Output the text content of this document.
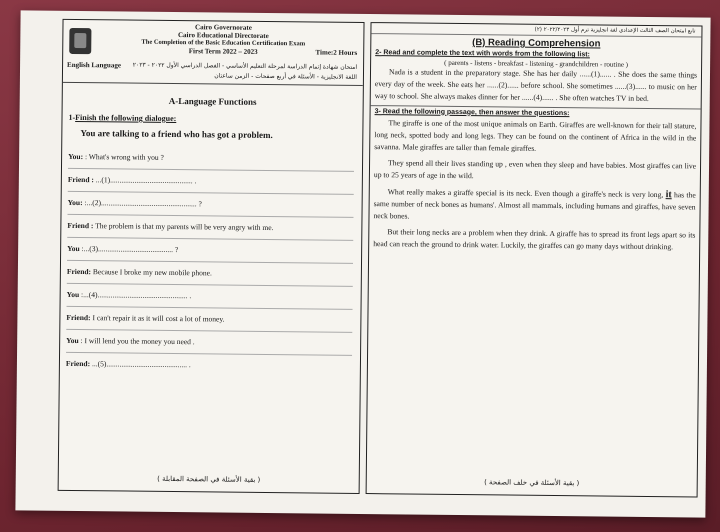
Cairo Governorate
Cairo Educational Directorate
The Completion of the Basic Education Certification Exam
First Term 2022 – 2023	Time:2 Hours
English Language	امتحان شهادة إتمام الدراسة لمرحلة التعليم الأساسي - الفصل الدراسي الأول ٢٠٢٢ - ٢٠٢٣
اللغة الانجليزية - الأسئلة في أربع صفحات - الزمن ساعتان
A-Language Functions
1-Finish the following dialogue:
You are talking to a friend who has got a problem.
You: : What's wrong with you ?
Friend : ...(1)............................................ .
You: :...(2)................................................... ?
Friend : The problem is that my parents will be very angry with me.
You :...(3)........................................ ?
Friend: Because I broke my new mobile phone.
You :...(4)................................................ .
Friend: I can't repair it as it will cost a lot of money.
You : I will lend you the money you need .
Friend: ...(5)........................................... .
( بقية الأسئلة في الصفحة المقابلة )
تابع امتحان الصف الثالث الإعدادي لغة انجليزية ترم أول ٢٠٢٢/٢٠٢٣ (٢)
(B) Reading Comprehension
2- Read and complete the text with words from the following list:
( parents - listens - breakfast - listening - grandchildren - routine )

Nada is a student in the preparatory stage. She has her daily ......(1)...... . She does the same things every day of the week. She eats her ......(2)...... before school. She sometimes ......(3)...... to music on her way to school. She always makes dinner for her ......(4)...... . She often watches TV in bed.

3- Read the following passage, then answer the questions:

The giraffe is one of the most unique animals on Earth. Giraffes are well-known for their tall stature, long neck, spotted body and long legs. They can be found on the continent of Africa in the wild in the savanna. Male giraffes are taller than female giraffes.

They spend all their lives standing up , even when they sleep and have babies. Most giraffes can live up to 25 years of age in the wild.

What really makes a giraffe special is its neck. Even though a giraffe's neck is very long, it has the same number of neck bones as humans'. Almost all mammals, including humans and giraffes, have seven neck bones.

But their long necks are a problem when they drink. A giraffe has to spread its front legs apart so its head can reach the ground to drink water. Luckily, the giraffes can go many days without drinking.

( بقية الأسئلة في خلف الصفحة )
